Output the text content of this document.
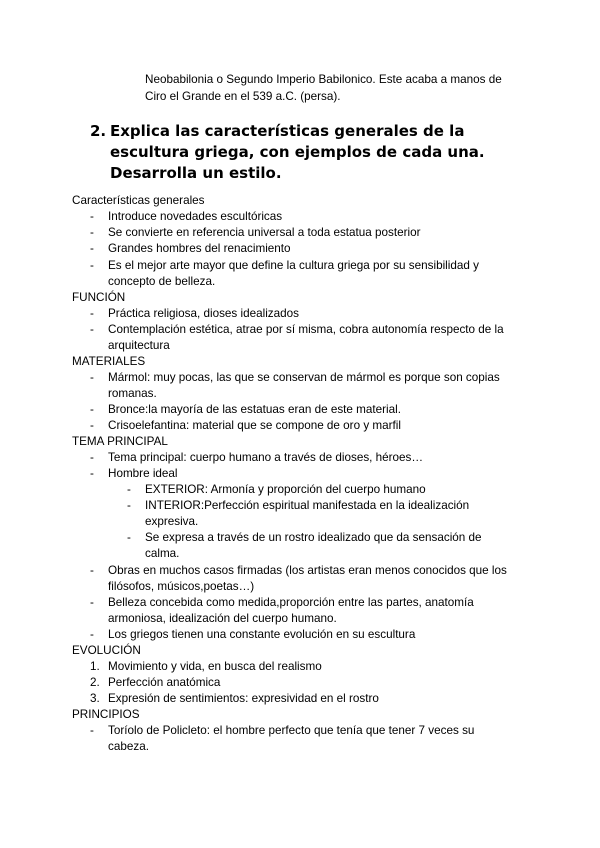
Neobabilonia o Segundo Imperio Babilonico. Este acaba a manos de
Ciro el Grande en el 539 a.C. (persa).
2. Explica las características generales de la
escultura griega, con ejemplos de cada una.
Desarrolla un estilo.
Características generales
- Introduce novedades escultóricas
- Se convierte en referencia universal a toda estatua posterior
- Grandes hombres del renacimiento
- Es el mejor arte mayor que define la cultura griega por su sensibilidad y
concepto de belleza.
FUNCIÓN
- Práctica religiosa, dioses idealizados
- Contemplación estética, atrae por sí misma, cobra autonomía respecto de la
arquitectura
MATERIALES
- Mármol: muy pocas, las que se conservan de mármol es porque son copias
romanas.
- Bronce:la mayoría de las estatuas eran de este material.
- Crisoelefantina: material que se compone de oro y marfil
TEMA PRINCIPAL
- Tema principal: cuerpo humano a través de dioses, héroes…
- Hombre ideal
- EXTERIOR: Armonía y proporción del cuerpo humano
- INTERIOR:Perfección espiritual manifestada en la idealización
expresiva.
- Se expresa a través de un rostro idealizado que da sensación de
calma.
- Obras en muchos casos firmadas (los artistas eran menos conocidos que los
filósofos, músicos,poetas…)
- Belleza concebida como medida,proporción entre las partes, anatomía
armoniosa, idealización del cuerpo humano.
- Los griegos tienen una constante evolución en su escultura
EVOLUCIÓN
1. Movimiento y vida, en busca del realismo
2. Perfección anatómica
3. Expresión de sentimientos: expresividad en el rostro
PRINCIPIOS
- Toríolo de Policleto: el hombre perfecto que tenía que tener 7 veces su
cabeza.
